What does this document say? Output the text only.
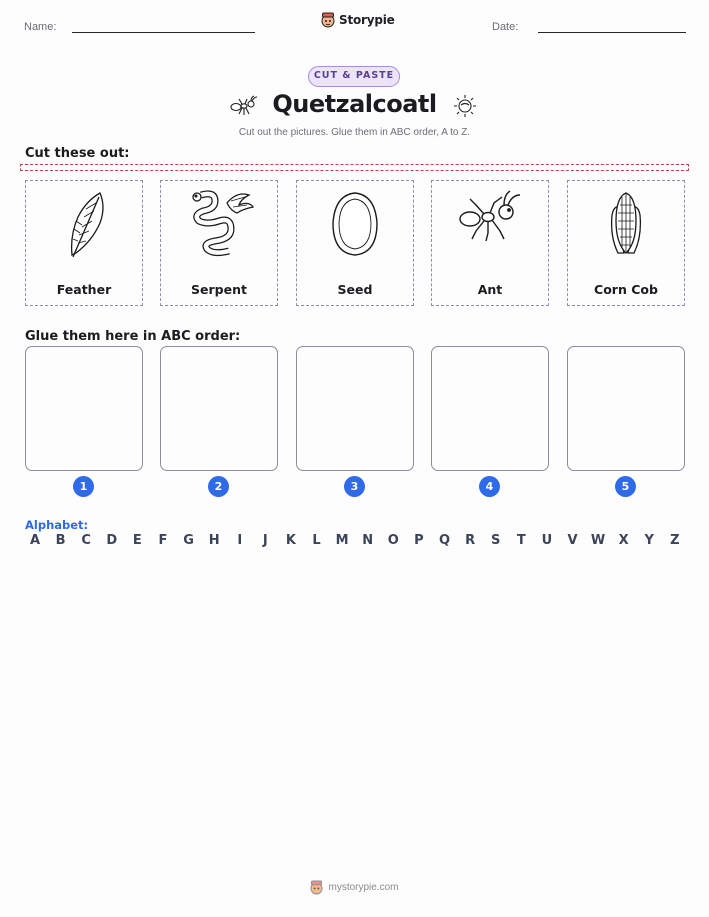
Name:	Storypie	Date:
CUT & PASTE
Quetzalcoatl
Cut out the pictures. Glue them in ABC order, A to Z.
Cut these out:
Feather	Serpent	Seed	Ant	Corn Cob
Glue them here in ABC order:
1	2	3	4	5
Alphabet:
A	B	C	D	E	F	G	H	I	J	K	L	M	N	O	P	Q	R	S	T	U	V	W	X	Y	Z
mystorypie.com
